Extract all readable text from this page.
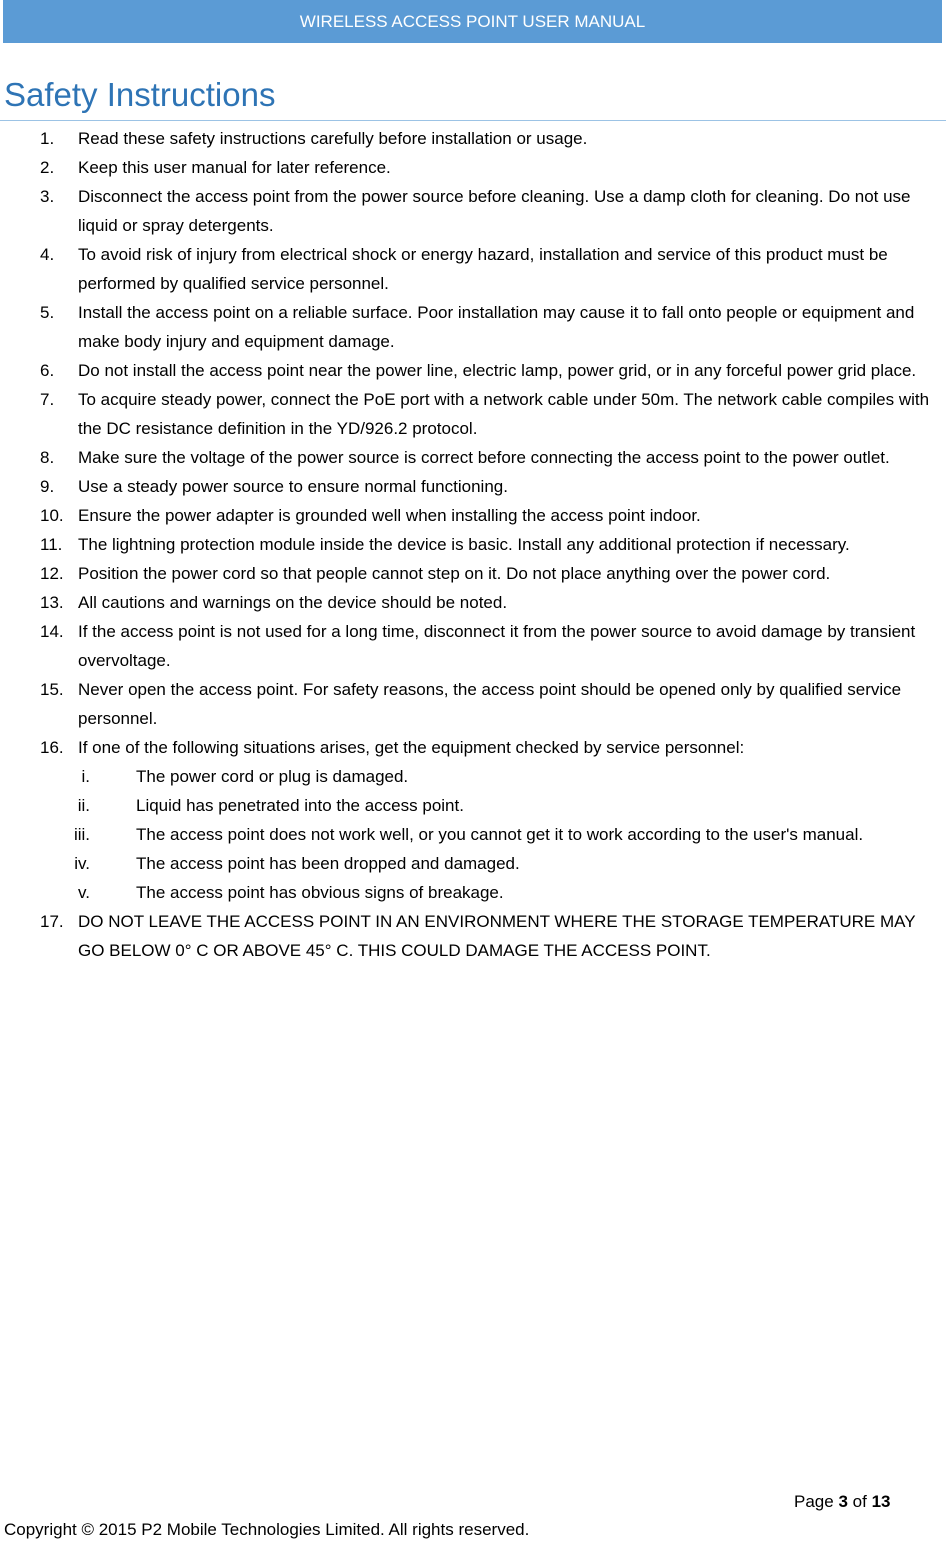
WIRELESS ACCESS POINT USER MANUAL
Safety Instructions
1. Read these safety instructions carefully before installation or usage.
2. Keep this user manual for later reference.
3. Disconnect the access point from the power source before cleaning. Use a damp cloth for cleaning. Do not use liquid or spray detergents.
4. To avoid risk of injury from electrical shock or energy hazard, installation and service of this product must be performed by qualified service personnel.
5. Install the access point on a reliable surface. Poor installation may cause it to fall onto people or equipment and make body injury and equipment damage.
6. Do not install the access point near the power line, electric lamp, power grid, or in any forceful power grid place.
7. To acquire steady power, connect the PoE port with a network cable under 50m. The network cable compiles with the DC resistance definition in the YD/926.2 protocol.
8. Make sure the voltage of the power source is correct before connecting the access point to the power outlet.
9. Use a steady power source to ensure normal functioning.
10. Ensure the power adapter is grounded well when installing the access point indoor.
11. The lightning protection module inside the device is basic. Install any additional protection if necessary.
12. Position the power cord so that people cannot step on it. Do not place anything over the power cord.
13. All cautions and warnings on the device should be noted.
14. If the access point is not used for a long time, disconnect it from the power source to avoid damage by transient overvoltage.
15. Never open the access point. For safety reasons, the access point should be opened only by qualified service personnel.
16. If one of the following situations arises, get the equipment checked by service personnel:
i.	The power cord or plug is damaged.
ii.	Liquid has penetrated into the access point.
iii.	The access point does not work well, or you cannot get it to work according to the user's manual.
iv.	The access point has been dropped and damaged.
v.	The access point has obvious signs of breakage.
17. DO NOT LEAVE THE ACCESS POINT IN AN ENVIRONMENT WHERE THE STORAGE TEMPERATURE MAY GO BELOW 0° C OR ABOVE 45° C. THIS COULD DAMAGE THE ACCESS POINT.
Page 3 of 13
Copyright © 2015 P2 Mobile Technologies Limited. All rights reserved.
